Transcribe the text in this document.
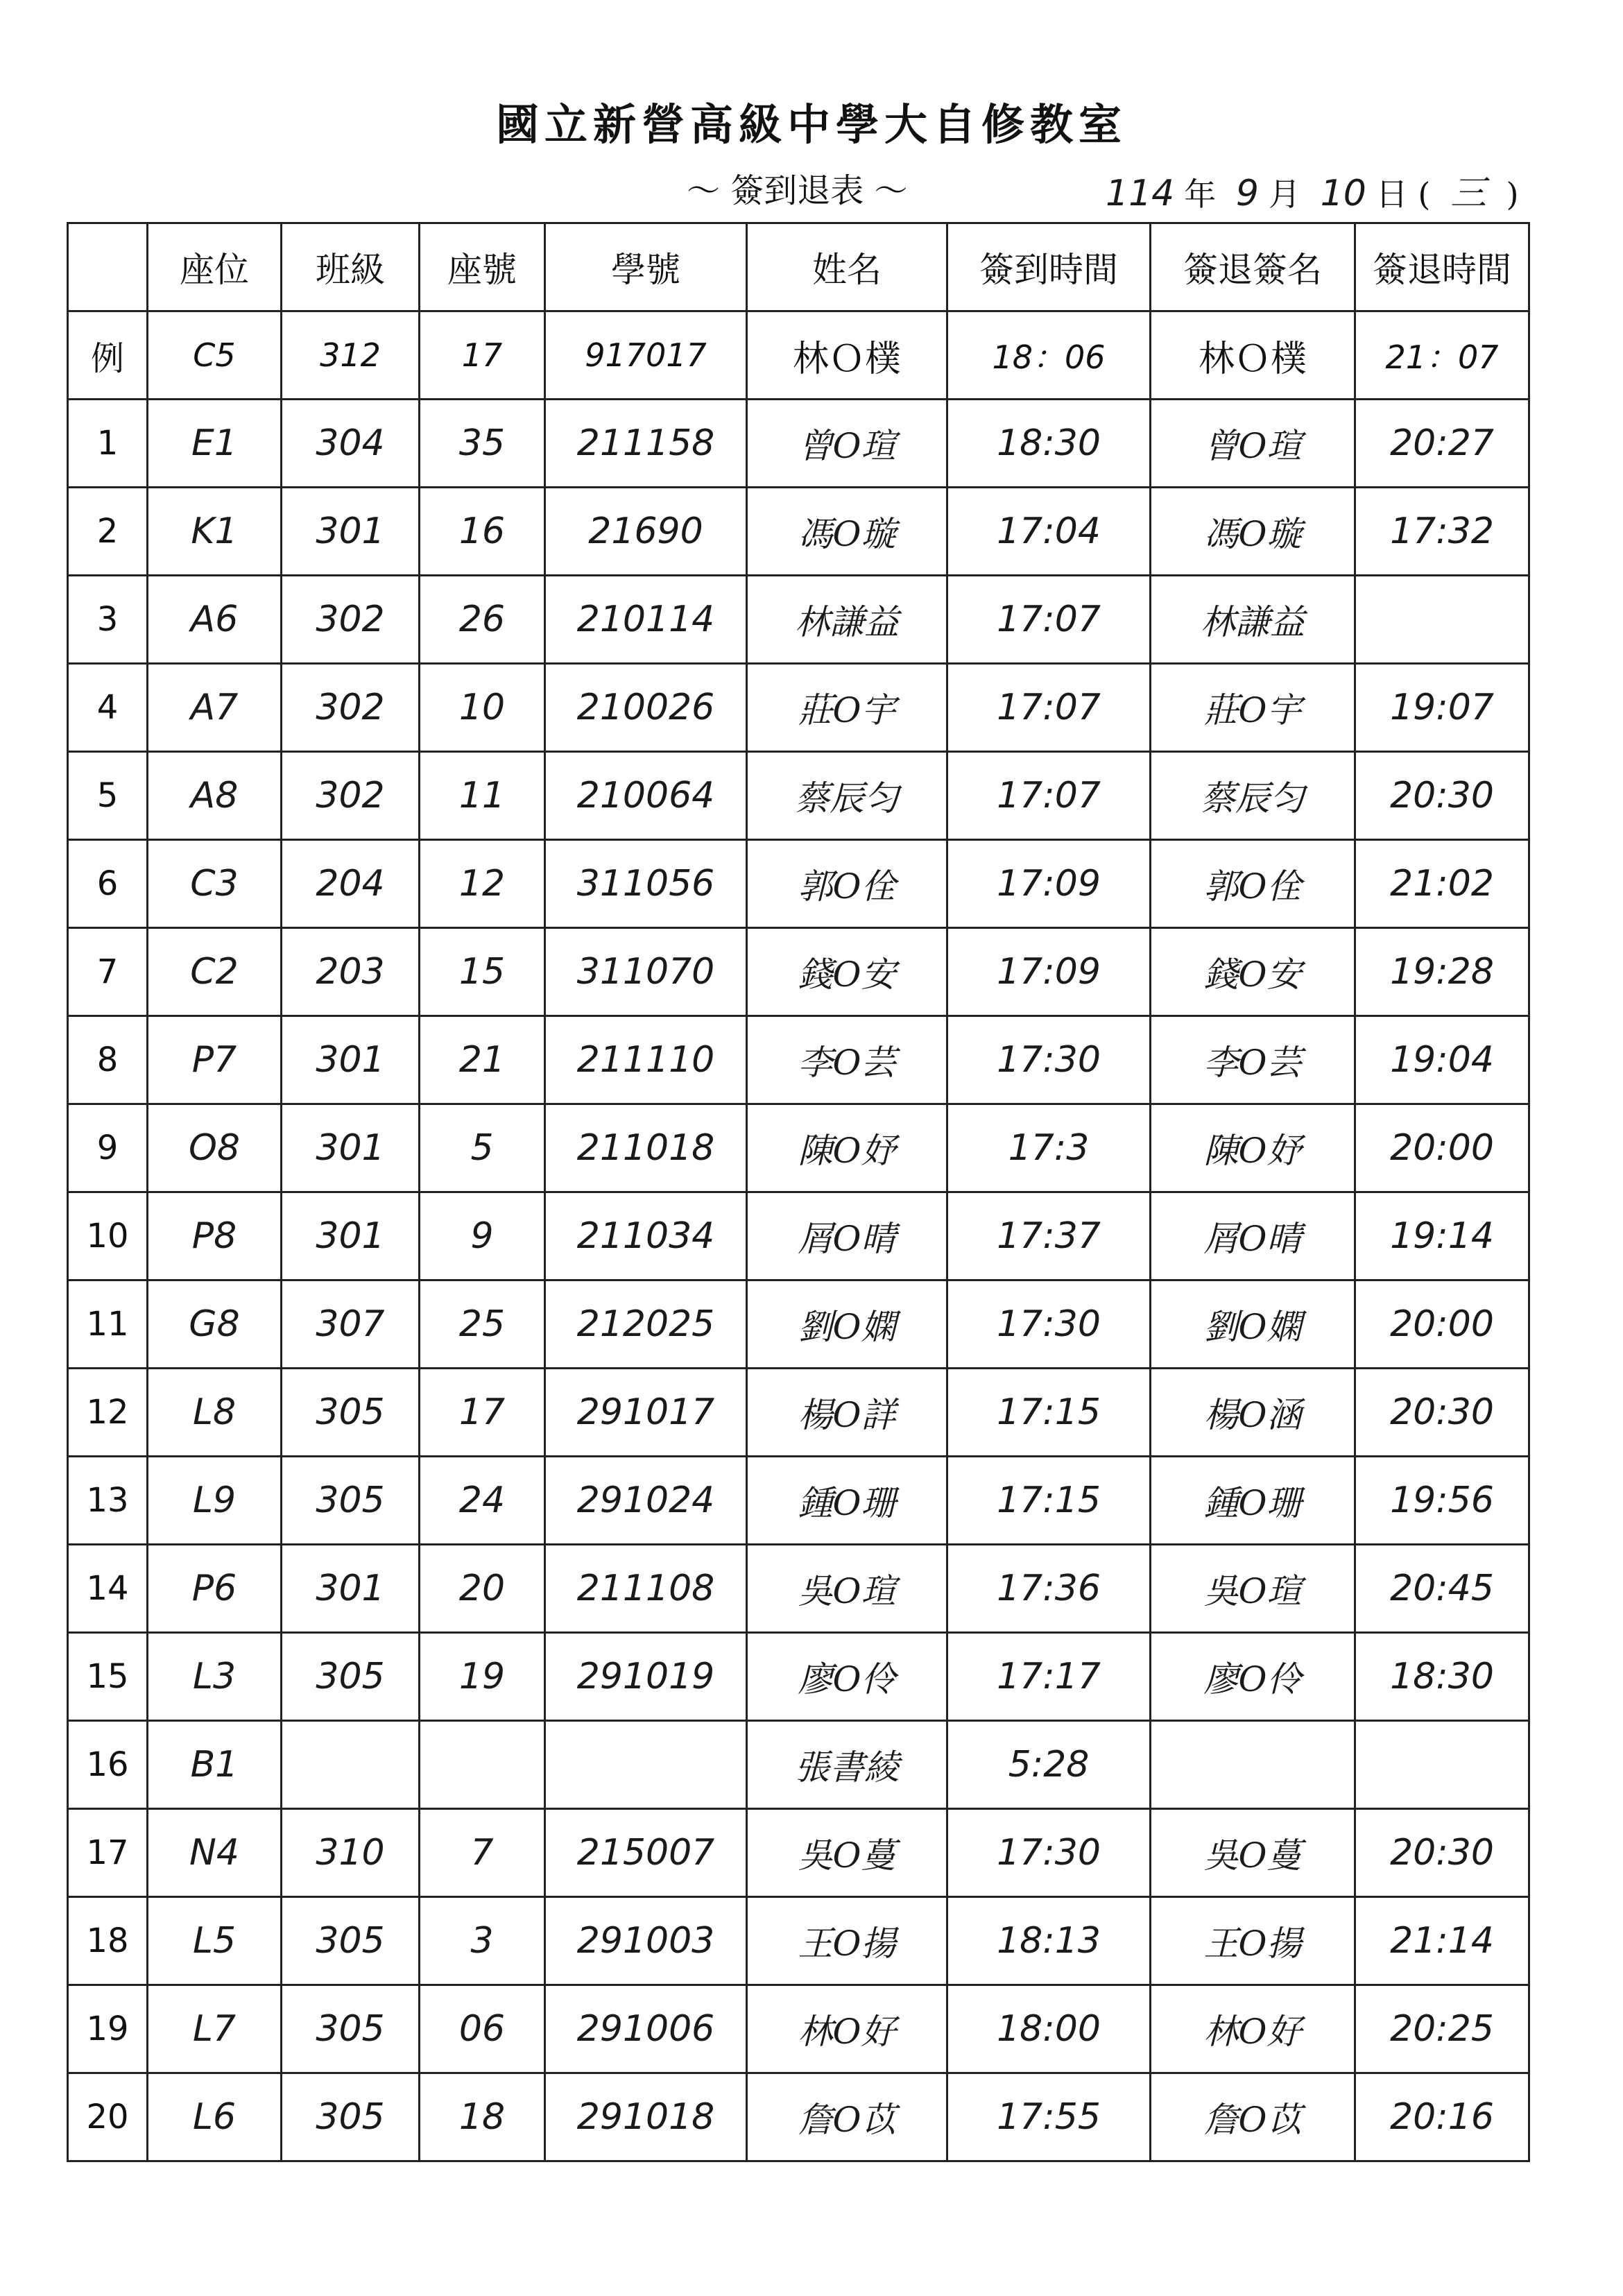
國立新營高級中學大自修教室
～ 簽到退表 ～	114 年 9 月 10 日 ( 三 )
	座位	班級	座號	學號	姓名	簽到時間	簽退簽名	簽退時間
例	C5	312	17	917017	林Ｏ樸	18：06	林Ｏ樸	21：07
1	E1	304	35	211158	曾O瑄	18:30	曾O瑄	20:27
2	K1	301	16	21690	馮O璇	17:04	馮O璇	17:32
3	A6	302	26	210114	林謙益	17:07	林謙益	
4	A7	302	10	210026	莊O宇	17:07	莊O宇	19:07
5	A8	302	11	210064	蔡辰匀	17:07	蔡辰匀	20:30
6	C3	204	12	311056	郭O佺	17:09	郭O佺	21:02
7	C2	203	15	311070	錢O安	17:09	錢O安	19:28
8	P7	301	21	211110	李O芸	17:30	李O芸	19:04
9	O8	301	5	211018	陳O妤	17:3	陳O妤	20:00
10	P8	301	9	211034	屑O晴	17:37	屑O晴	19:14
11	G8	307	25	212025	劉O嫻	17:30	劉O嫻	20:00
12	L8	305	17	291017	楊O詳	17:15	楊O涵	20:30
13	L9	305	24	291024	鍾O珊	17:15	鍾O珊	19:56
14	P6	301	20	211108	吳O瑄	17:36	吳O瑄	20:45
15	L3	305	19	291019	廖O伶	17:17	廖O伶	18:30
16	B1				張書綾	5:28		
17	N4	310	7	215007	吳O蔓	17:30	吳O蔓	20:30
18	L5	305	3	291003	王O揚	18:13	王O揚	21:14
19	L7	305	06	291006	林O好	18:00	林O好	20:25
20	L6	305	18	291018	詹O苡	17:55	詹O苡	20:16
